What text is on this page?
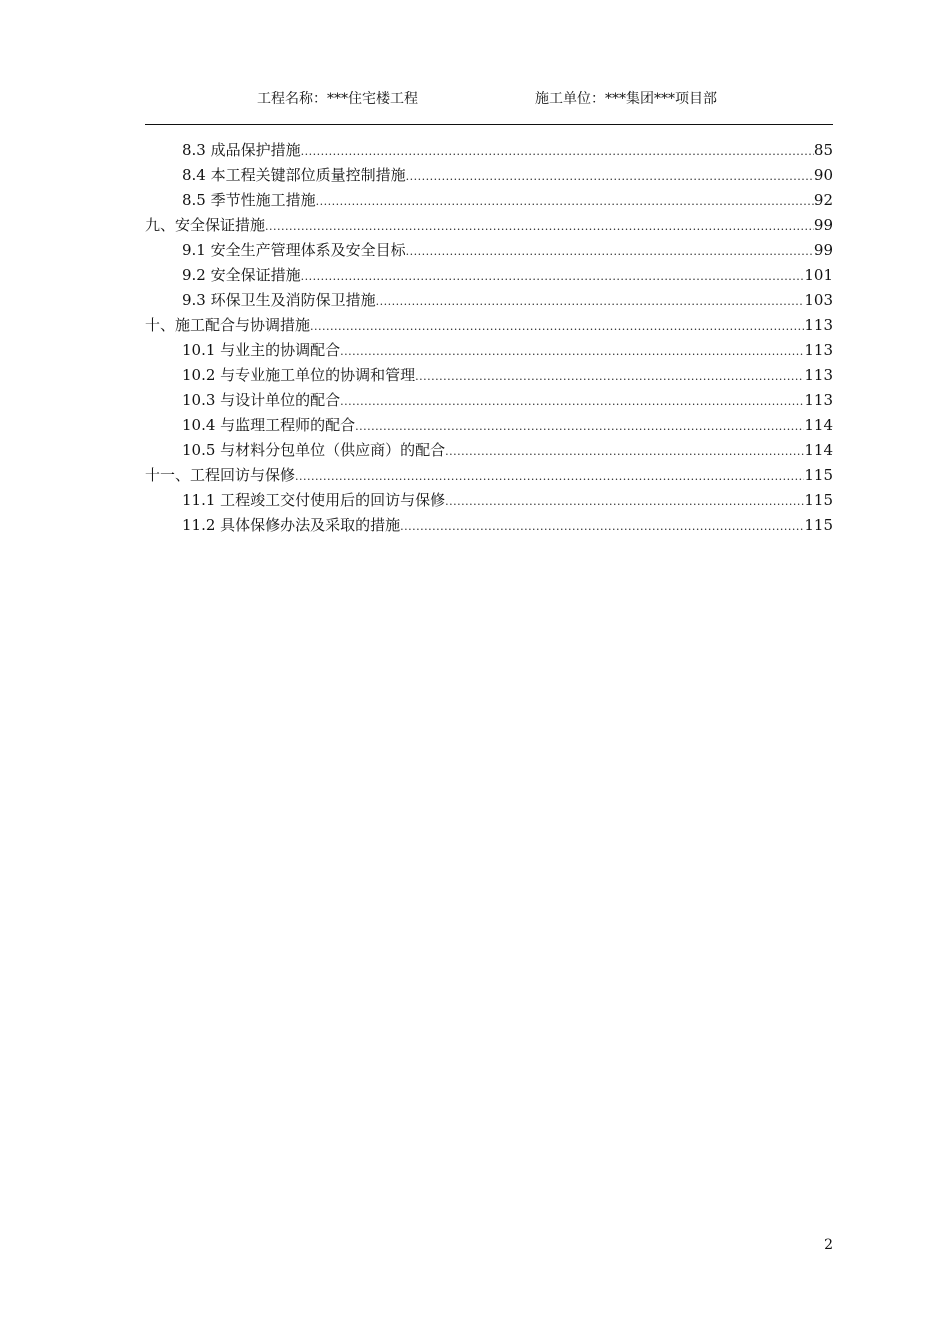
工程名称：***住宅楼工程	施工单位：***集团***项目部
8.3 成品保护措施 .....	85
8.4 本工程关键部位质量控制措施 .....	90
8.5 季节性施工措施 .....	92
九、安全保证措施 .....	99
9.1 安全生产管理体系及安全目标 .....	99
9.2 安全保证措施 .....	101
9.3 环保卫生及消防保卫措施 .....	103
十、施工配合与协调措施 .....	113
10.1 与业主的协调配合 .....	113
10.2 与专业施工单位的协调和管理 .....	113
10.3 与设计单位的配合 .....	113
10.4 与监理工程师的配合 .....	114
10.5 与材料分包单位（供应商）的配合 .....	114
十一、工程回访与保修 .....	115
11.1 工程竣工交付使用后的回访与保修 .....	115
11.2 具体保修办法及采取的措施 .....	115
2
